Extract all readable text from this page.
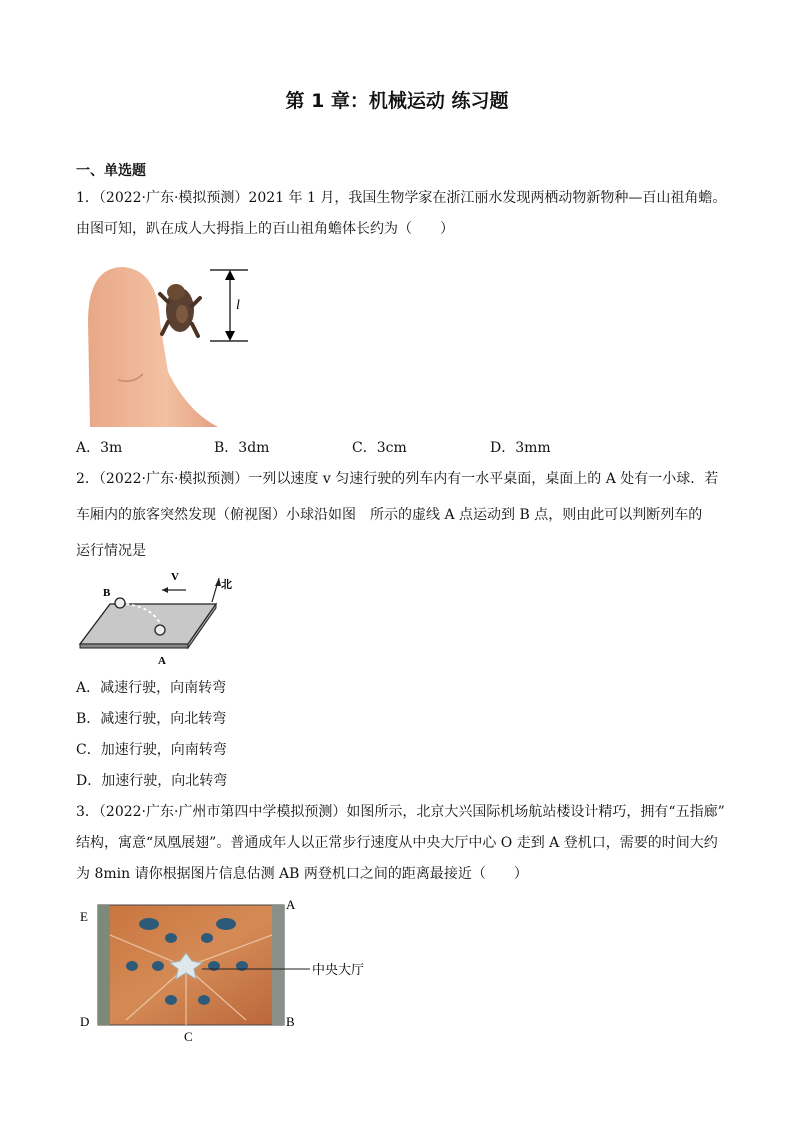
第 1 章：机械运动 练习题
一、单选题
1．（2022·广东·模拟预测）2021 年 1 月，我国生物学家在浙江丽水发现两栖动物新物种—百山祖角蟾。
由图可知，趴在成人大拇指上的百山祖角蟾体长约为（　　）
l
A．3m	B．3dm	C．3cm	D．3mm
2．（2022·广东·模拟预测）一列以速度 v 匀速行驶的列车内有一水平桌面，桌面上的 A 处有一小球．若
车厢内的旅客突然发现（俯视图）小球沿如图　所示的虚线 A 点运动到 B 点，则由此可以判断列车的
运行情况是
B
V
北
A
A．减速行驶，向南转弯
B．减速行驶，向北转弯
C．加速行驶，向南转弯
D．加速行驶，向北转弯
3．（2022·广东·广州市第四中学模拟预测）如图所示，北京大兴国际机场航站楼设计精巧，拥有“五指廊”
结构，寓意“凤凰展翅”。普通成年人以正常步行速度从中央大厅中心 O 走到 A 登机口，需要的时间大约
为 8min 请你根据图片信息估测 AB 两登机口之间的距离最接近（　　）
中央大厅
E
A
D	B
C
